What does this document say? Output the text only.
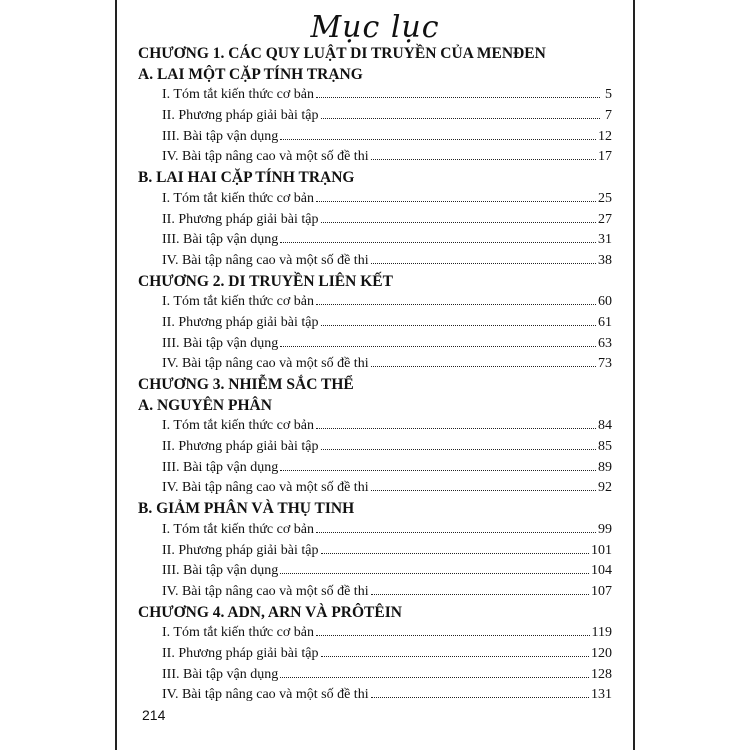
Mục lục
CHƯƠNG 1. CÁC QUY LUẬT DI TRUYỀN CỦA MENĐEN
A. LAI MỘT CẶP TÍNH TRẠNG
I. Tóm tắt kiến thức cơ bản	5
II. Phương pháp giải bài tập	7
III. Bài tập vận dụng	12
IV. Bài tập nâng cao và một số đề thi	17
B. LAI HAI CẶP TÍNH TRẠNG
I. Tóm tắt kiến thức cơ bản	25
II. Phương pháp giải bài tập	27
III. Bài tập vận dụng	31
IV. Bài tập nâng cao và một số đề thi	38
CHƯƠNG 2. DI TRUYỀN LIÊN KẾT
I. Tóm tắt kiến thức cơ bản	60
II. Phương pháp giải bài tập	61
III. Bài tập vận dụng	63
IV. Bài tập nâng cao và một số đề thi	73
CHƯƠNG 3. NHIỄM SẮC THỂ
A. NGUYÊN PHÂN
I. Tóm tắt kiến thức cơ bản	84
II. Phương pháp giải bài tập	85
III. Bài tập vận dụng	89
IV. Bài tập nâng cao và một số đề thi	92
B. GIẢM PHÂN VÀ THỤ TINH
I. Tóm tắt kiến thức cơ bản	99
II. Phương pháp giải bài tập	101
III. Bài tập vận dụng	104
IV. Bài tập nâng cao và một số đề thi	107
CHƯƠNG 4. ADN, ARN VÀ PRÔTÊIN
I. Tóm tắt kiến thức cơ bản	119
II. Phương pháp giải bài tập	120
III. Bài tập vận dụng	128
IV. Bài tập nâng cao và một số đề thi	131
214
